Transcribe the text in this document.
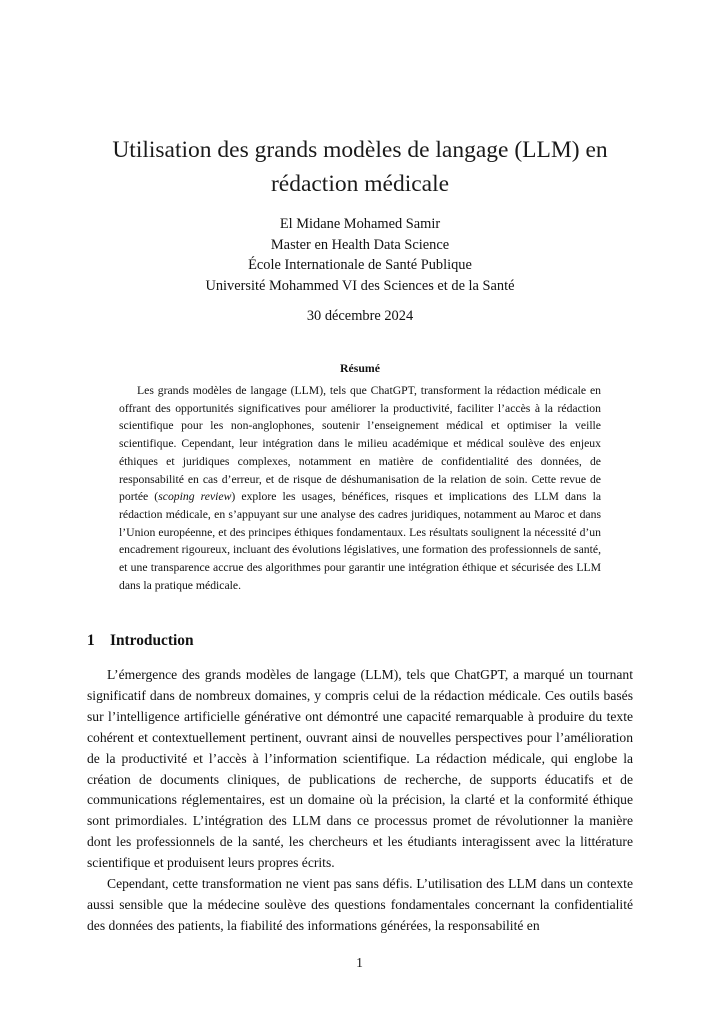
Utilisation des grands modèles de langage (LLM) en rédaction médicale
El Midane Mohamed Samir
Master en Health Data Science
École Internationale de Santé Publique
Université Mohammed VI des Sciences et de la Santé
30 décembre 2024
Résumé

Les grands modèles de langage (LLM), tels que ChatGPT, transforment la rédaction médicale en offrant des opportunités significatives pour améliorer la productivité, faciliter l’accès à la rédaction scientifique pour les non-anglophones, soutenir l’enseignement médical et optimiser la veille scientifique. Cependant, leur intégration dans le milieu académique et médical soulève des enjeux éthiques et juridiques complexes, notamment en matière de confidentialité des données, de responsabilité en cas d’erreur, et de risque de déshumanisation de la relation de soin. Cette revue de portée (scoping review) explore les usages, bénéfices, risques et implications des LLM dans la rédaction médicale, en s’appuyant sur une analyse des cadres juridiques, notamment au Maroc et dans l’Union européenne, et des principes éthiques fondamentaux. Les résultats soulignent la nécessité d’un encadrement rigoureux, incluant des évolutions législatives, une formation des professionnels de santé, et une transparence accrue des algorithmes pour garantir une intégration éthique et sécurisée des LLM dans la pratique médicale.

1 Introduction

L’émergence des grands modèles de langage (LLM), tels que ChatGPT, a marqué un tournant significatif dans de nombreux domaines, y compris celui de la rédaction médicale. Ces outils basés sur l’intelligence artificielle générative ont démontré une capacité remarquable à produire du texte cohérent et contextuellement pertinent, ouvrant ainsi de nouvelles perspectives pour l’amélioration de la productivité et l’accès à l’information scientifique. La rédaction médicale, qui englobe la création de documents cliniques, de publications de recherche, de supports éducatifs et de communications réglementaires, est un domaine où la précision, la clarté et la conformité éthique sont primordiales. L’intégration des LLM dans ce processus promet de révolutionner la manière dont les professionnels de la santé, les chercheurs et les étudiants interagissent avec la littérature scientifique et produisent leurs propres écrits.

Cependant, cette transformation ne vient pas sans défis. L’utilisation des LLM dans un contexte aussi sensible que la médecine soulève des questions fondamentales concernant la confidentialité des données des patients, la fiabilité des informations générées, la responsabilité en

1
